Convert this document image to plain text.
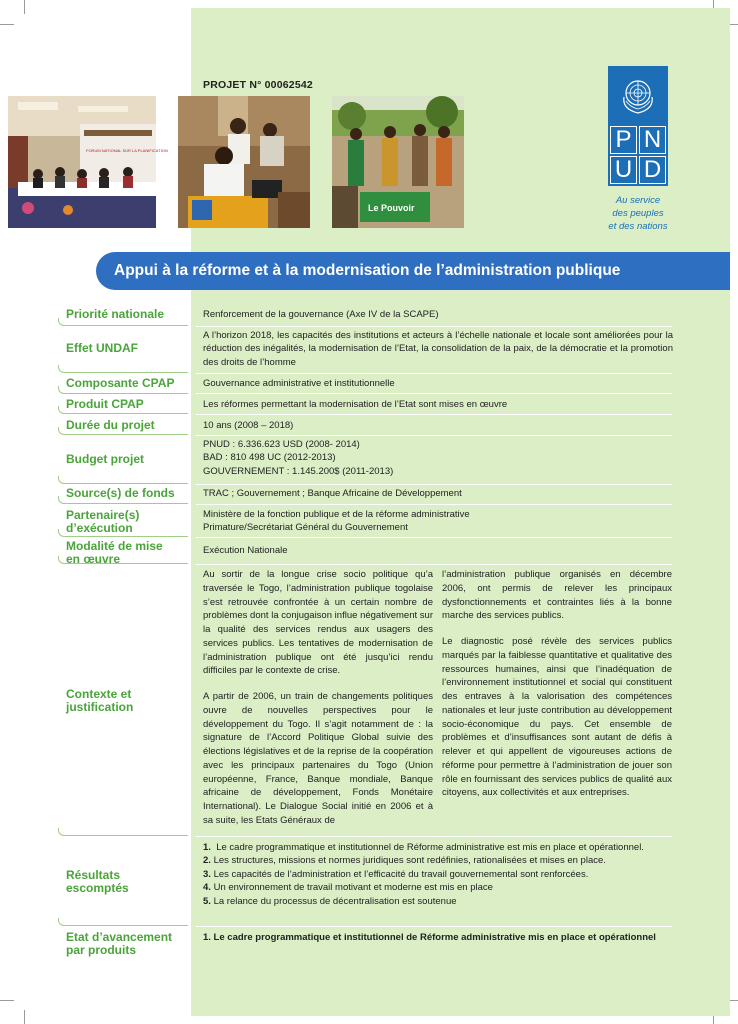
PROJET N° 00062542
FORUM NATIONAL SUR LA PLANIFICATION
Le Pouvoir
P N
U D
Au service
des peuples
et des nations
Appui à la réforme et à la modernisation de l’administration publique
Priorité nationale
Effet UNDAF
Composante CPAP
Produit CPAP
Durée du projet
Budget projet
Source(s) de fonds
Partenaire(s)
d’exécution
Modalité de mise
en œuvre
Contexte et
justification
Résultats
escomptés
Etat d’avancement
par produits
Renforcement de la gouvernance (Axe IV de la SCAPE)
A l’horizon 2018, les capacités des institutions et acteurs à l’échelle nationale et locale sont améliorées pour la réduction des inégalités, la modernisation de l’Etat, la consolidation de la paix, de la démocratie et la promotion des droits de l’homme
Gouvernance administrative et institutionnelle
Les réformes permettant la modernisation de l’Etat sont mises en œuvre
10 ans (2008 – 2018)
PNUD : 6.336.623 USD (2008- 2014)
BAD : 810 498 UC (2012-2013)
GOUVERNEMENT : 1.145.200$ (2011-2013)
TRAC ; Gouvernement ; Banque Africaine de Développement
Ministère de la fonction publique et de la réforme administrative
Primature/Secrétariat Général du Gouvernement
Exécution Nationale

Au sortir de la longue crise socio politique qu’a traversée le Togo, l’administration publique togolaise s’est retrouvée confrontée à un certain nombre de problèmes dont la conjugaison influe négativement sur la qualité des services rendus aux usagers des services publics. Les tentatives de modernisation de l’administration publique ont été jusqu’ici rendu difficiles par le contexte de crise.

A partir de 2006, un train de changements politiques ouvre de nouvelles perspectives pour le développement du Togo. Il s’agit notamment de : la signature de l’Accord Politique Global suivie des élections législatives et de la reprise de la coopération avec les principaux partenaires du Togo (Union européenne, France, Banque mondiale, Banque africaine de développement, Fonds Monétaire International). Le Dialogue Social initié en 2006 et à sa suite, les Etats Généraux de

l’administration publique organisés en décembre 2006, ont permis de relever les principaux dysfonctionnements et contraintes liés à la bonne marche des services publics.

Le diagnostic posé révèle des services publics marqués par la faiblesse quantitative et qualitative des ressources humaines, ainsi que l’inadéquation de l’environnement institutionnel et social qui constituent des entraves à la valorisation des compétences nationales et leur juste contribution au développement socio-économique du pays. Cet ensemble de problèmes et d’insuffisances sont autant de défis à relever et qui appellent de vigoureuses actions de réforme pour permettre à l’administration de jouer son rôle en fournissant des services publics de qualité aux citoyens, aux collectivités et aux entreprises.

1. Le cadre programmatique et institutionnel de Réforme administrative est mis en place et opérationnel.
2. Les structures, missions et normes juridiques sont redéfinies, rationalisées et mises en place.
3. Les capacités de l’administration et l’efficacité du travail gouvernemental sont renforcées.
4. Un environnement de travail motivant et moderne est mis en place
5. La relance du processus de décentralisation est soutenue
1. Le cadre programmatique et institutionnel de Réforme administrative mis en place et opérationnel
